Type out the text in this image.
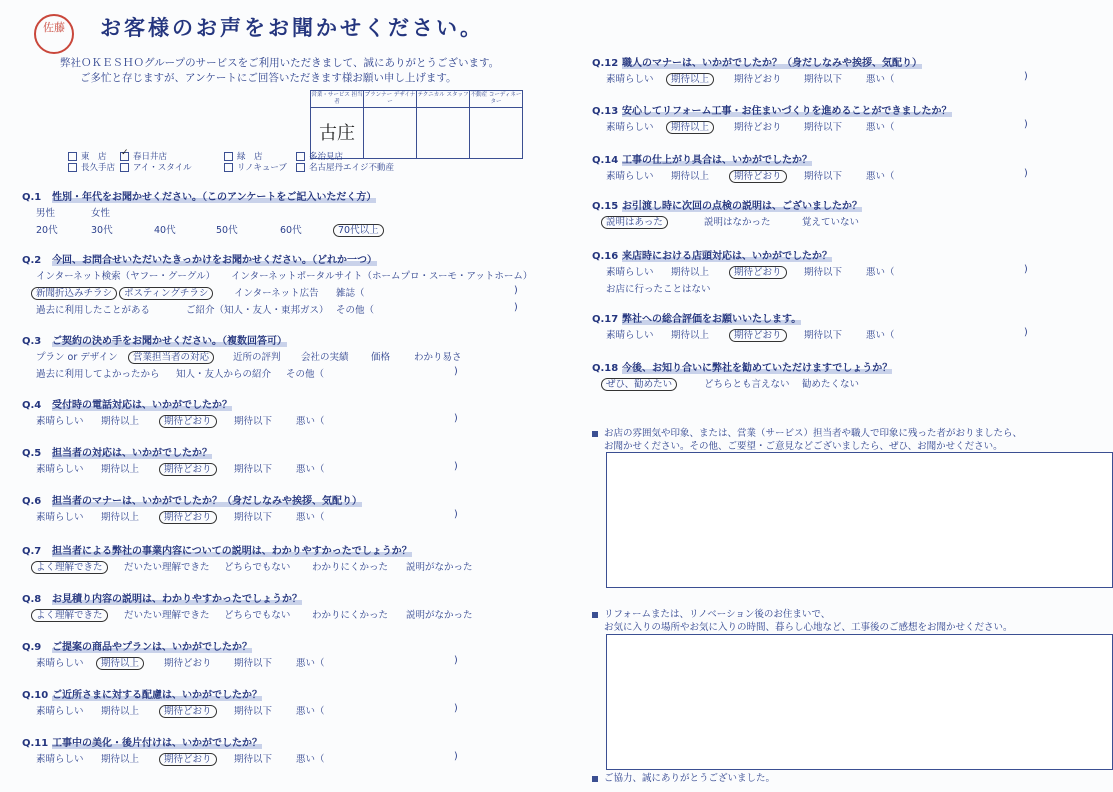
佐藤	お客様のお声をお聞かせください。
弊社ＯＫＥＳＨＯグループのサービスをご利用いただきまして、誠にありがとうございます。
ご多忙と存じますが、アンケートにご回答いただきます様お願い申し上げます。
営業・サービス 担当者	プランナー デザイナー	テクニカル スタッフ	不動産 コーディネーター
古庄			
東　店 ✓	春日井店	緑　店	多治見店
長久手店	アイ・スタイル	リノキューブ	名古屋丹エイジ不動産
Q.1 性別・年代をお聞かせください。（このアンケートをご記入いただく方）
男性	女性
20代	30代	40代	50代	60代	70代以上
Q.2 今回、お問合せいただいたきっかけをお聞かせください。（どれか一つ）
インターネット検索（ヤフー・グーグル） インターネットポータルサイト（ホームプロ・スーモ・アットホーム）
新聞折込みチラシ	ポスティングチラシ	インターネット広告 雑誌（	)
過去に利用したことがある	ご紹介（知人・友人・東邦ガス） その他（	)
Q.3 ご契約の決め手をお聞かせください。（複数回答可）
プラン or デザイン 営業担当者の対応	近所の評判 会社の実績 価格	わかり易さ
過去に利用してよかったから 知人・友人からの紹介 その他（	)
Q.4 受付時の電話対応は、いかがでしたか？
素晴らしい 期待以上	期待どおり	期待以下	悪い（	)
Q.5 担当者の対応は、いかがでしたか？
素晴らしい 期待以上	期待どおり	期待以下	悪い（	)
Q.6 担当者のマナーは、いかがでしたか？（身だしなみや挨拶、気配り）
素晴らしい 期待以上	期待どおり	期待以下	悪い（	)
Q.7 担当者による弊社の事業内容についての説明は、わかりやすかったでしょうか？
よく理解できた	だいたい理解できた どちらでもない わかりにくかった 説明がなかった
Q.8 お見積り内容の説明は、わかりやすかったでしょうか？
よく理解できた	だいたい理解できた どちらでもない わかりにくかった 説明がなかった
Q.9 ご提案の商品やプランは、いかがでしたか？
素晴らしい 期待以上	期待どおり 期待以下	悪い（	)
Q.10 ご近所さまに対する配慮は、いかがでしたか？
素晴らしい 期待以上	期待どおり	期待以下	悪い（	)
Q.11 工事中の美化・後片付けは、いかがでしたか？
素晴らしい 期待以上	期待どおり	期待以下	悪い（	)
Q.12 職人のマナーは、いかがでしたか？（身だしなみや挨拶、気配り）
素晴らしい 期待以上	期待どおり 期待以下	悪い（	)
Q.13 安心してリフォーム工事・お住まいづくりを進めることができましたか？
素晴らしい 期待以上	期待どおり 期待以下	悪い（	)
Q.14 工事の仕上がり具合は、いかがでしたか？
素晴らしい 期待以上	期待どおり	期待以下	悪い（	)
Q.15 お引渡し時に次回の点検の説明は、ございましたか？
説明はあった	説明はなかった	覚えていない
Q.16 来店時における店頭対応は、いかがでしたか？
素晴らしい 期待以上	期待どおり	期待以下	悪い（	)
お店に行ったことはない
Q.17 弊社への総合評価をお願いいたします。
素晴らしい 期待以上	期待どおり	期待以下	悪い（	)
Q.18 今後、お知り合いに弊社を勧めていただけますでしょうか？
ぜひ、勧めたい	どちらとも言えない 勧めたくない
お店の雰囲気や印象、または、営業（サービス）担当者や職人で印象に残った者がおりましたら、
お聞かせください。その他、ご要望・ご意見などございましたら、ぜひ、お聞かせください。
リフォームまたは、リノベーション後のお住まいで、
お気に入りの場所やお気に入りの時間、暮らし心地など、工事後のご感想をお聞かせください。
ご協力、誠にありがとうございました。
